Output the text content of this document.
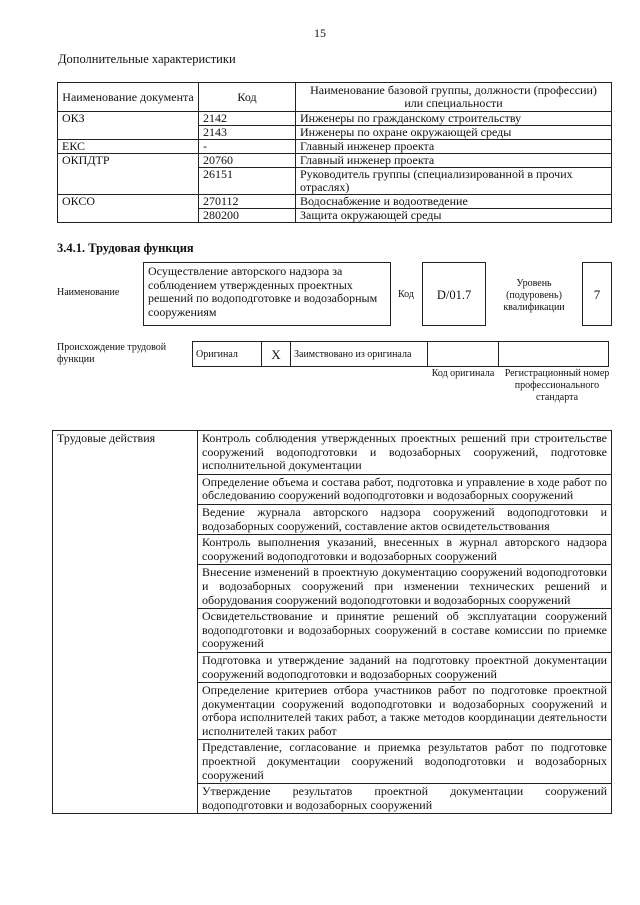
15
Дополнительные характеристики
Наименование документа	Код	Наименование базовой группы, должности (профессии) или специальности
ОКЗ	2142	Инженеры по гражданскому строительству
	2143	Инженеры по охране окружающей среды
ЕКС	-	Главный инженер проекта
ОКПДТР	20760	Главный инженер проекта
	26151	Руководитель группы (специализированной в прочих отраслях)
ОКСО	270112	Водоснабжение и водоотведение
	280200	Защита окружающей среды
3.4.1. Трудовая функция
Наименование
Осуществление авторского надзора за соблюдением утвержденных проектных решений по водоподготовке и водозаборным сооружениям
Код	D/01.7
Уровень (подуровень) квалификации
7
Происхождение трудовой функции	Оригинал	X	Заимствовано из оригинала		
Код оригинала	Регистрационный номер профессионального стандарта
Трудовые действия	Контроль соблюдения утвержденных проектных решений при строительстве сооружений водоподготовки и водозаборных сооружений, подготовке исполнительной документации
Определение объема и состава работ, подготовка и управление в ходе работ по обследованию сооружений водоподготовки и водозаборных сооружений
Ведение журнала авторского надзора сооружений водоподготовки и водозаборных сооружений, составление актов освидетельствования
Контроль выполнения указаний, внесенных в журнал авторского надзора сооружений водоподготовки и водозаборных сооружений
Внесение изменений в проектную документацию сооружений водоподготовки и водозаборных сооружений при изменении технических решений и оборудования сооружений водоподготовки и водозаборных сооружений
Освидетельствование и принятие решений об эксплуатации сооружений водоподготовки и водозаборных сооружений в составе комиссии по приемке сооружений
Подготовка и утверждение заданий на подготовку проектной документации сооружений водоподготовки и водозаборных сооружений
Определение критериев отбора участников работ по подготовке проектной документации сооружений водоподготовки и водозаборных сооружений и отбора исполнителей таких работ, а также методов координации деятельности исполнителей таких работ
Представление, согласование и приемка результатов работ по подготовке проектной документации сооружений водоподготовки и водозаборных сооружений
Утверждение результатов проектной документации сооружений водоподготовки и водозаборных сооружений
